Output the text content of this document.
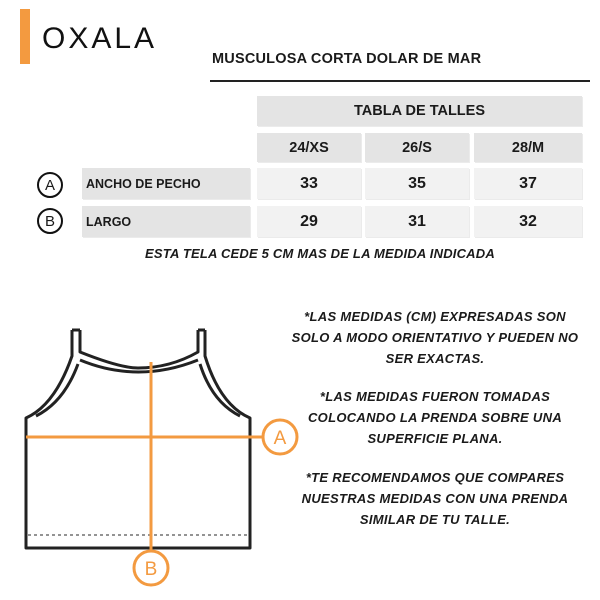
OXALA
MUSCULOSA CORTA DOLAR DE MAR
TABLA DE TALLES
24/XS	26/S	28/M
A	ANCHO DE PECHO	33	35	37
B	LARGO	29	31	32
ESTA TELA CEDE 5 CM MAS DE LA MEDIDA INDICADA
A
B
*LAS MEDIDAS (CM) EXPRESADAS SON SOLO A MODO ORIENTATIVO Y PUEDEN NO SER EXACTAS.
*LAS MEDIDAS FUERON TOMADAS COLOCANDO LA PRENDA SOBRE UNA SUPERFICIE PLANA.
*TE RECOMENDAMOS QUE COMPARES NUESTRAS MEDIDAS CON UNA PRENDA SIMILAR DE TU TALLE.
